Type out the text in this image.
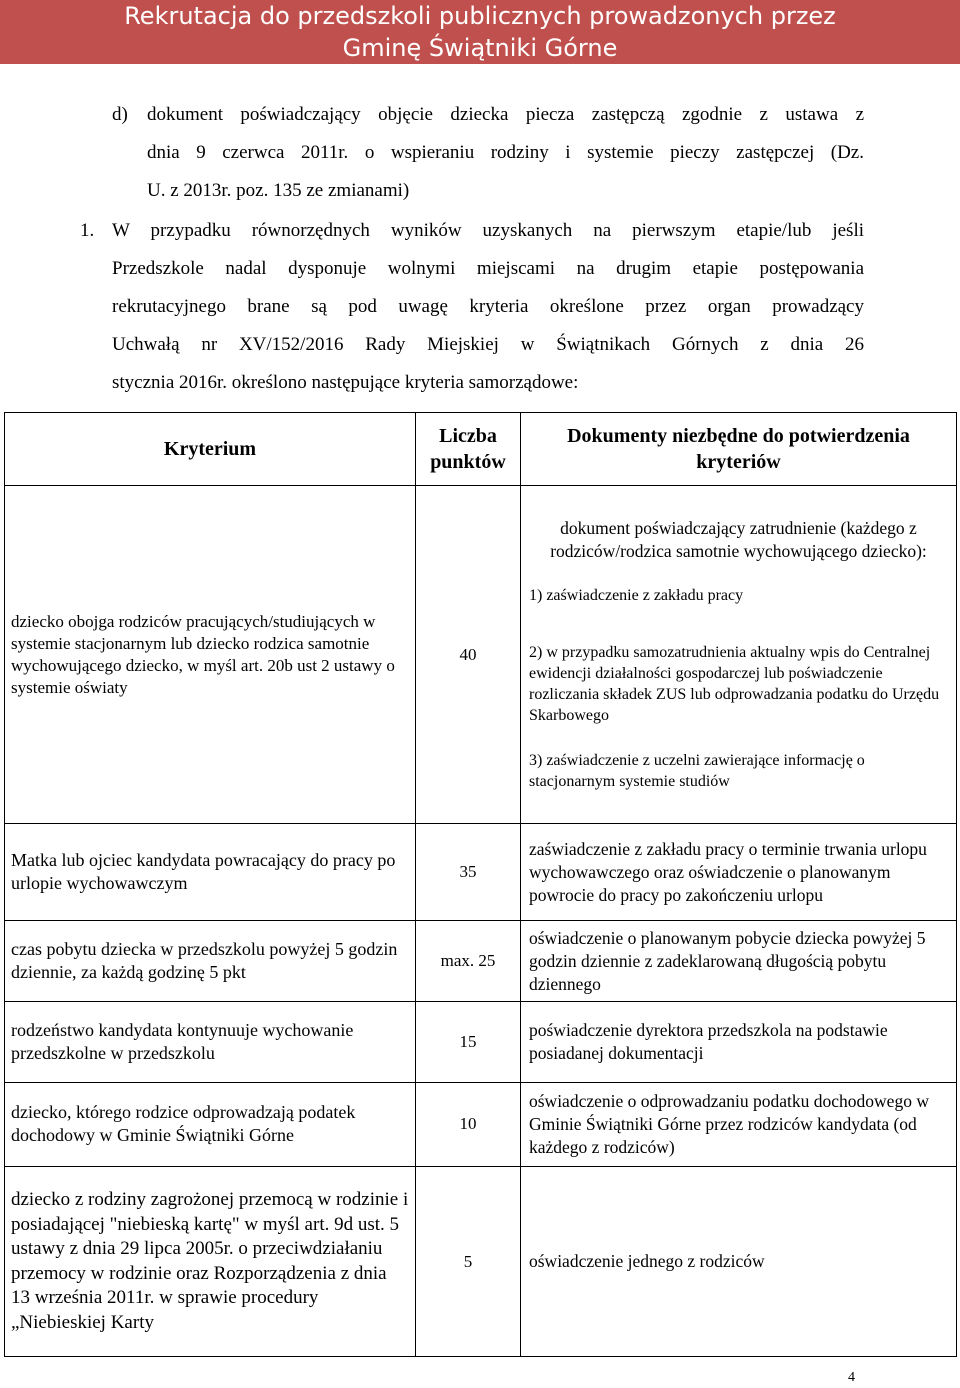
Rekrutacja do przedszkoli publicznych prowadzonych przez
Gminę Świątniki Górne
d) dokument poświadczający objęcie dziecka piecza zastępczą zgodnie z ustawa z
dnia 9 czerwca 2011r. o wspieraniu rodziny i systemie pieczy zastępczej (Dz.
U. z 2013r. poz. 135 ze zmianami)
1. W przypadku równorzędnych wyników uzyskanych na pierwszym etapie/lub jeśli
Przedszkole nadal dysponuje wolnymi miejscami na drugim etapie postępowania
rekrutacyjnego brane są pod uwagę kryteria określone przez organ prowadzący
Uchwałą nr XV/152/2016 Rady Miejskiej w Świątnikach Górnych z dnia 26
stycznia 2016r. określono następujące kryteria samorządowe:
Kryterium	Liczba punktów	Dokumenty niezbędne do potwierdzenia kryteriów
dziecko obojga rodziców pracujących/studiujących w systemie stacjonarnym lub dziecko rodzica samotnie wychowującego dziecko, w myśl art. 20b ust 2 ustawy o systemie oświaty	40	dokument poświadczający zatrudnienie (każdego z rodziców/rodzica samotnie wychowującego dziecko):

1) zaświadczenie z zakładu pracy

2) w przypadku samozatrudnienia aktualny wpis do Centralnej ewidencji działalności gospodarczej lub poświadczenie rozliczania składek ZUS lub odprowadzania podatku do Urzędu Skarbowego

3) zaświadczenie z uczelni zawierające informację o stacjonarnym systemie studiów

Matka lub ojciec kandydata powracający do pracy po urlopie wychowawczym	35	zaświadczenie z zakładu pracy o terminie trwania urlopu wychowawczego oraz oświadczenie o planowanym powrocie do pracy po zakończeniu urlopu
czas pobytu dziecka w przedszkolu powyżej 5 godzin dziennie, za każdą godzinę 5 pkt	max. 25	oświadczenie o planowanym pobycie dziecka powyżej 5 godzin dziennie z zadeklarowaną długością pobytu dziennego
rodzeństwo kandydata kontynuuje wychowanie przedszkolne w przedszkolu	15	poświadczenie dyrektora przedszkola na podstawie posiadanej dokumentacji
dziecko, którego rodzice odprowadzają podatek dochodowy w Gminie Świątniki Górne	10	oświadczenie o odprowadzaniu podatku dochodowego w Gminie Świątniki Górne przez rodziców kandydata (od każdego z rodziców)
dziecko z rodziny zagrożonej przemocą w rodzinie i posiadającej "niebieską kartę" w myśl art. 9d ust. 5 ustawy z dnia 29 lipca 2005r. o przeciwdziałaniu przemocy w rodzinie oraz Rozporządzenia z dnia 13 września 2011r. w sprawie procedury „Niebieskiej Karty	5	oświadczenie jednego z rodziców
4
